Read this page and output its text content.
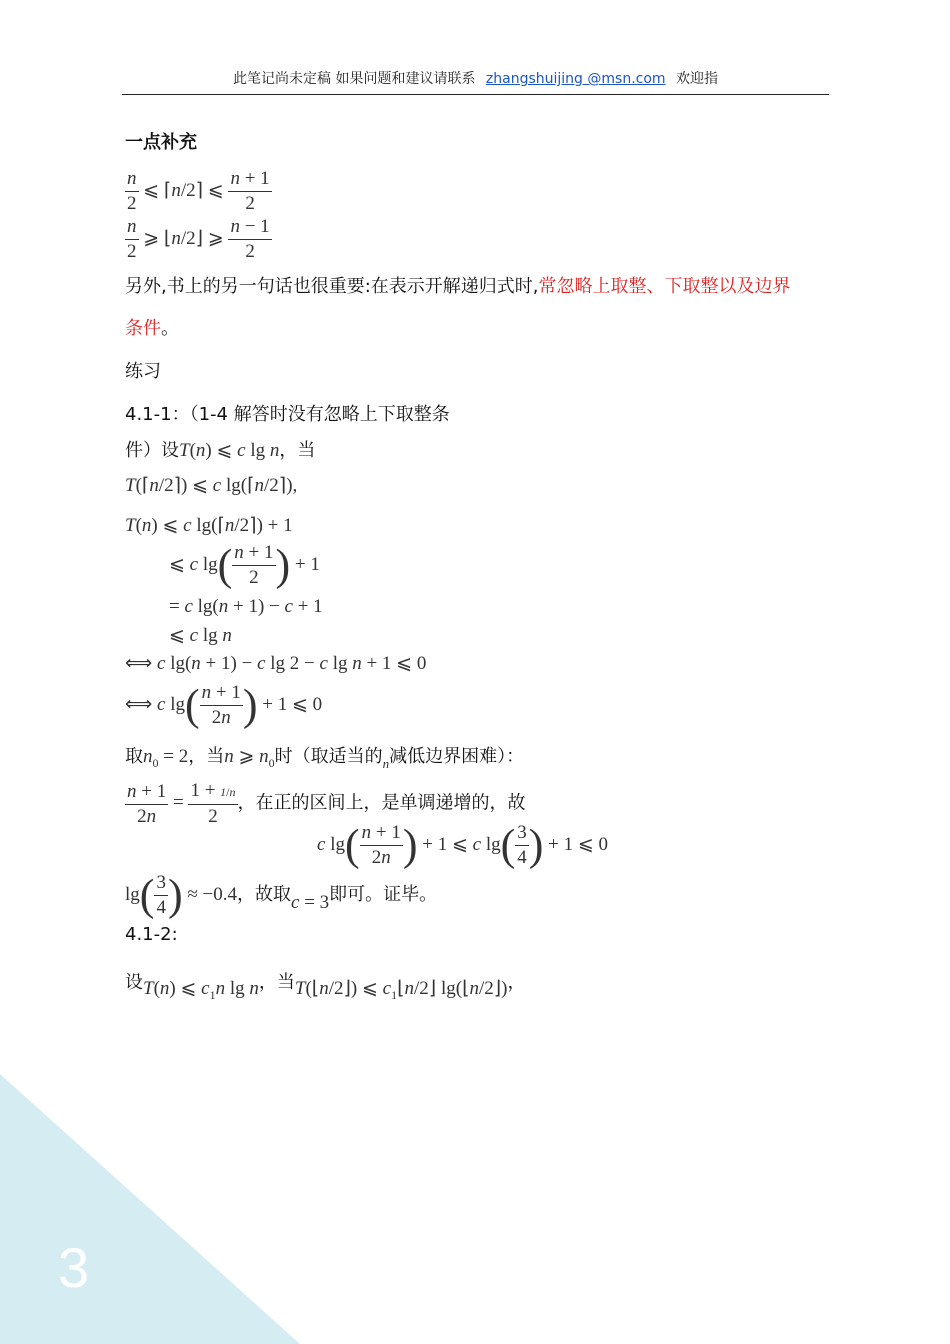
3
此笔记尚未定稿 如果问题和建议请联系 zhangshuijing @msn.com 欢迎指
一点补充
$\frac{n}{2}$ ⩽ ⌈n/2⌉ ⩽ $\frac{n + 1}{2}$
$\frac{n}{2}$ ⩾ ⌊n/2⌋ ⩾ $\frac{n - 1}{2}$
另外,书上的另一句话也很重要:在表示开解递归式时,常忽略上取整、下取整以及边界
条件。
练习
4.1-1：（1-4 解答时没有忽略上下取整条
件）设T(n) ⩽ c lg n，当
T(⌈n/2⌉) ⩽ c lg(⌈n/2⌉),
T(n) ⩽ c lg(⌈n/2⌉) + 1
⩽ c $\lg( \frac{n + 1}{2}$ ) + 1
= c lg(n + 1) − c + 1
⩽ c lg n
⟺ c lg(n + 1) − c lg 2 − c lg n + 1 ⩽ 0
⟺ c $\lg( \frac{n + 1}{2n}$ ) + 1 ⩽ 0
取$n_0 = 2$，当n ⩾ $n_0$时（取适当的$_n$减低边界困难）：
$\frac{n + 1}{2n} = \frac{1 + 1/n}{2}$ ，在正的区间上，是单调递增的，故
c $\lg( \frac{n + 1}{2n}$ ) + 1 ⩽ c $\lg( \frac{3}{4}$ ) + 1 ⩽ 0
$\lg( \frac{3}{4}$ ) ≈ −0.4，故取c = 3即可。证毕。
4.1-2:
设T(n) ⩽ $c_1n$ lg n，当T(⌊n/2⌋) ⩽ $c_1⌊n/2⌋$ lg(⌊n/2⌋)，
